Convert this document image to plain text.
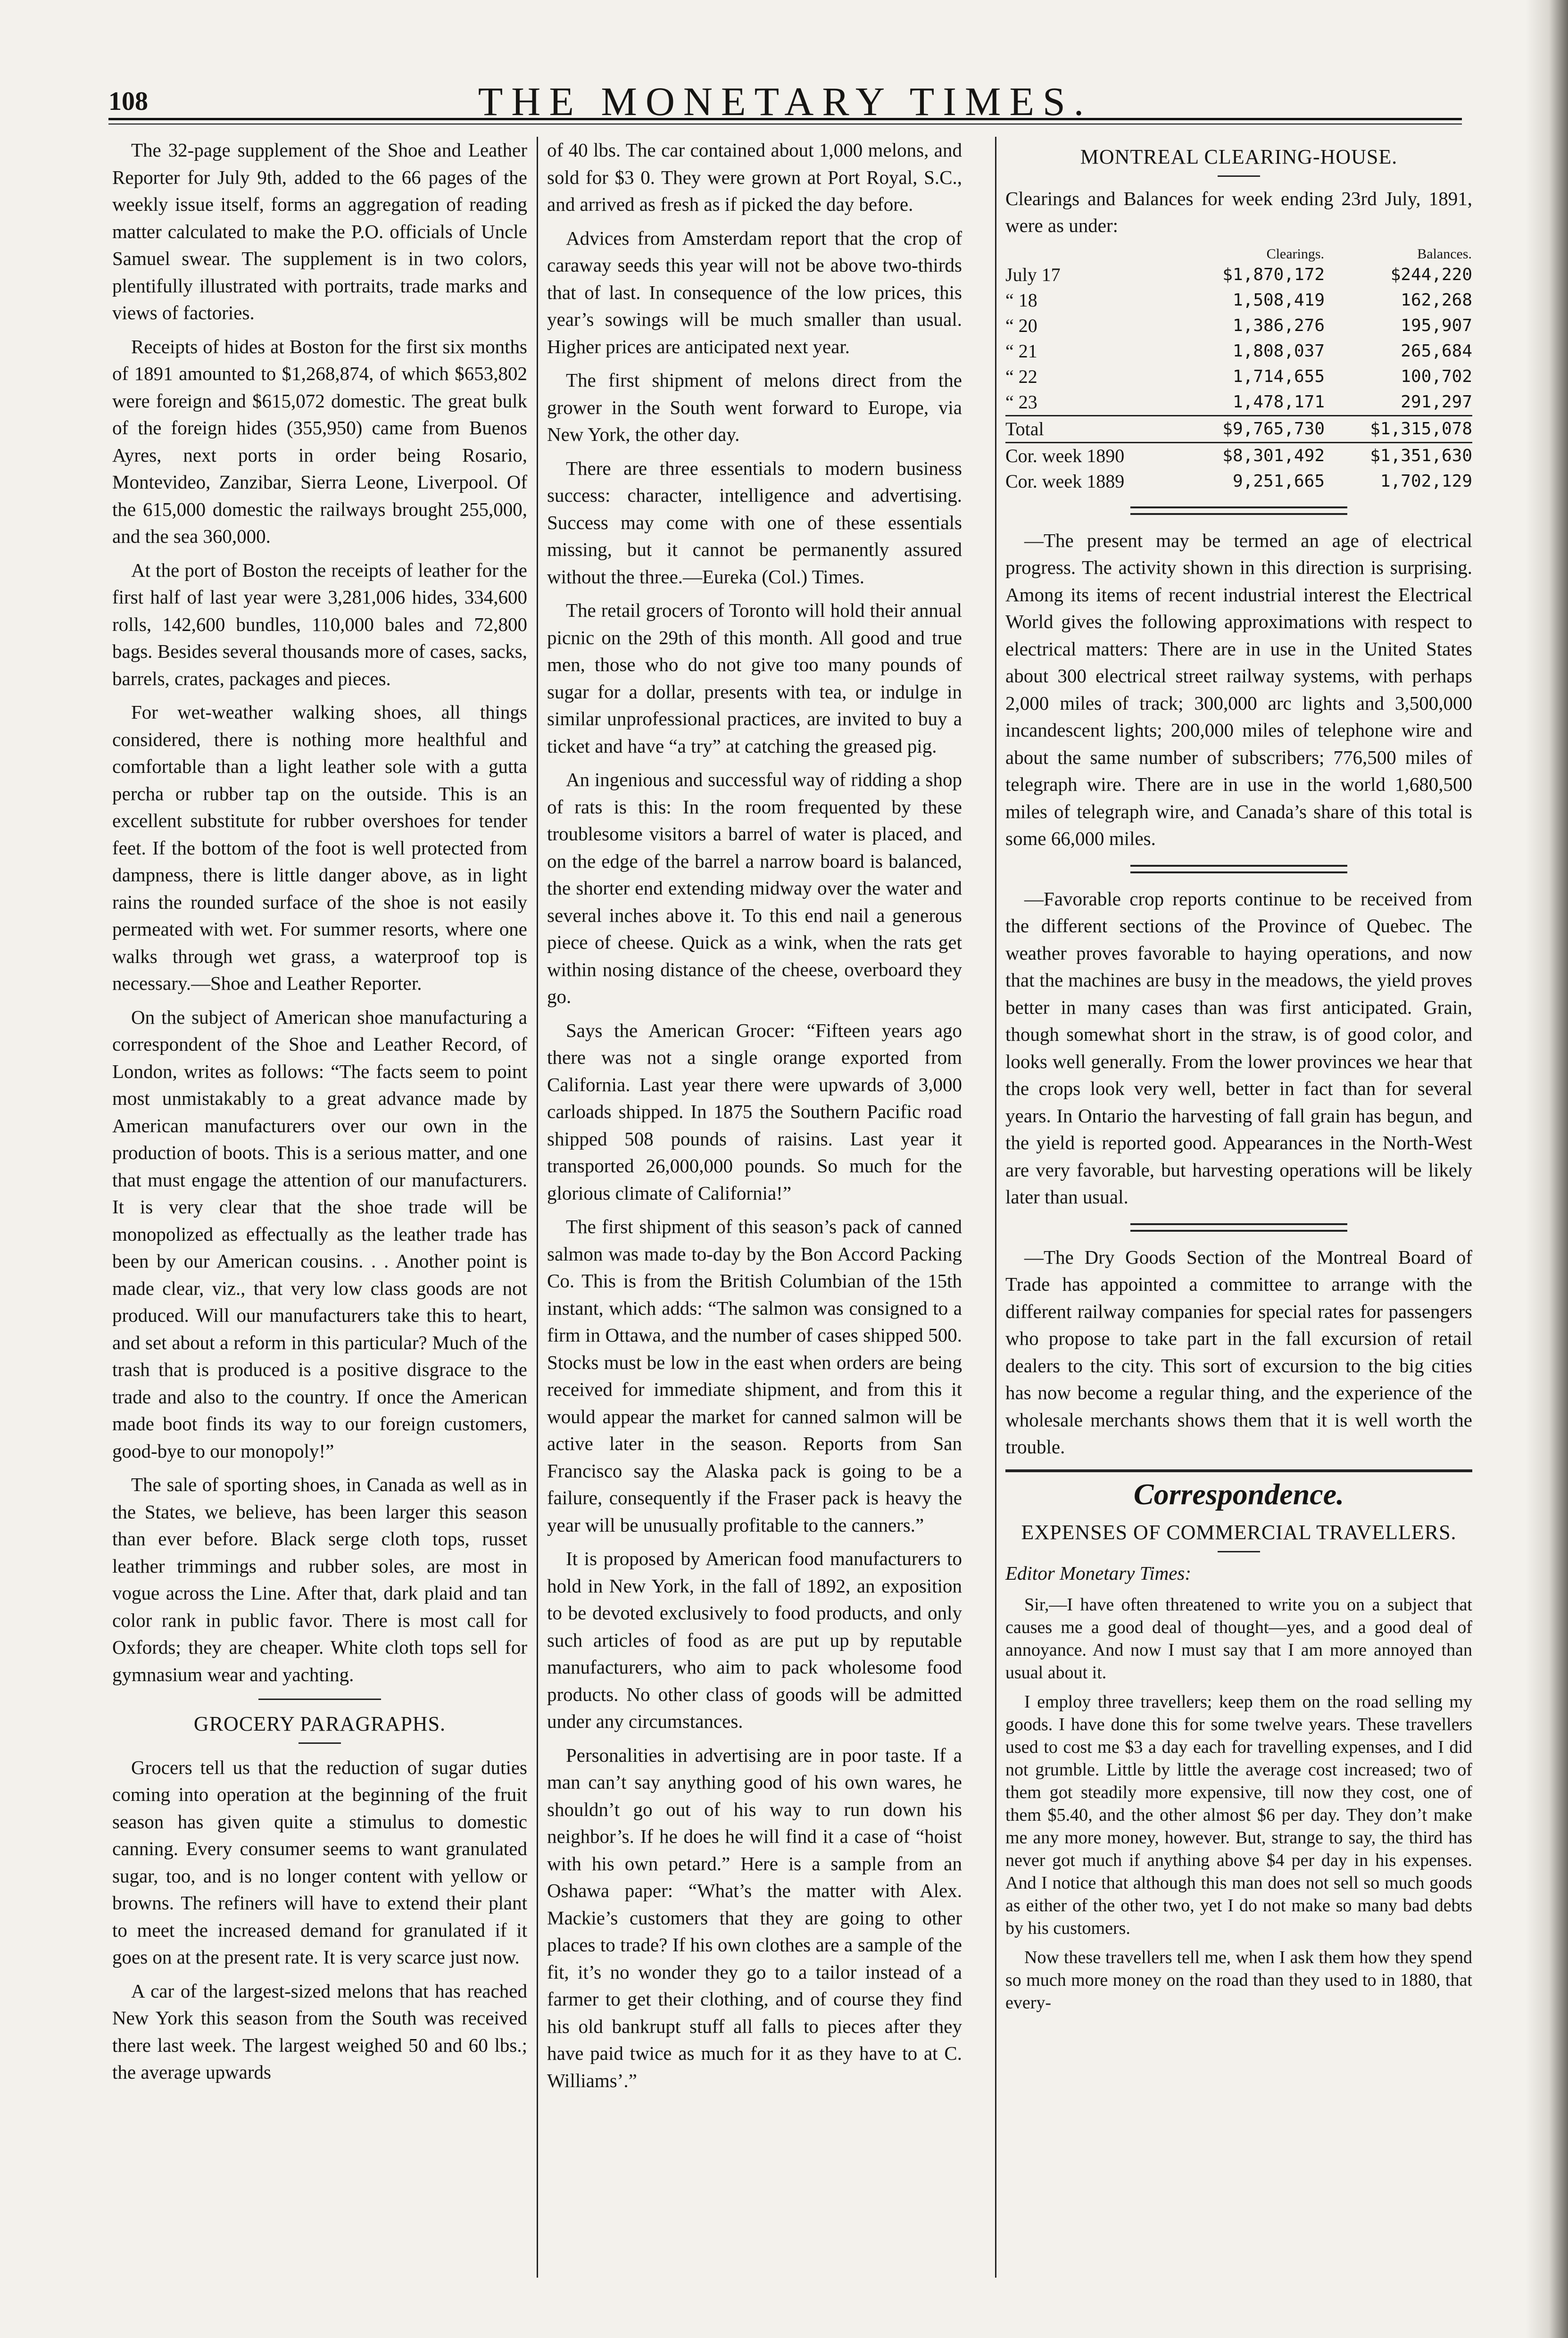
108	THE MONETARY TIMES.

The 32-page supplement of the Shoe and Leather Reporter for July 9th, added to the 66 pages of the weekly issue itself, forms an aggregation of reading matter calculated to make the P.O. officials of Uncle Samuel swear. The supplement is in two colors, plentifully illustrated with portraits, trade marks and views of factories.

Receipts of hides at Boston for the first six months of 1891 amounted to $1,268,874, of which $653,802 were foreign and $615,072 domestic. The great bulk of the foreign hides (355,950) came from Buenos Ayres, next ports in order being Rosario, Montevideo, Zanzibar, Sierra Leone, Liverpool. Of the 615,000 domestic the railways brought 255,000, and the sea 360,000.

At the port of Boston the receipts of leather for the first half of last year were 3,281,006 hides, 334,600 rolls, 142,600 bundles, 110,000 bales and 72,800 bags. Besides several thousands more of cases, sacks, barrels, crates, packages and pieces.

For wet-weather walking shoes, all things considered, there is nothing more healthful and comfortable than a light leather sole with a gutta percha or rubber tap on the outside. This is an excellent substitute for rubber overshoes for tender feet. If the bottom of the foot is well protected from dampness, there is little danger above, as in light rains the rounded surface of the shoe is not easily permeated with wet. For summer resorts, where one walks through wet grass, a waterproof top is necessary.—Shoe and Leather Reporter.

On the subject of American shoe manufacturing a correspondent of the Shoe and Leather Record, of London, writes as follows: “The facts seem to point most unmistakably to a great advance made by American manufacturers over our own in the production of boots. This is a serious matter, and one that must engage the attention of our manufacturers. It is very clear that the shoe trade will be monopolized as effectually as the leather trade has been by our American cousins. . . Another point is made clear, viz., that very low class goods are not produced. Will our manufacturers take this to heart, and set about a reform in this particular? Much of the trash that is produced is a positive disgrace to the trade and also to the country. If once the American made boot finds its way to our foreign customers, good-bye to our monopoly!”

The sale of sporting shoes, in Canada as well as in the States, we believe, has been larger this season than ever before. Black serge cloth tops, russet leather trimmings and rubber soles, are most in vogue across the Line. After that, dark plaid and tan color rank in public favor. There is most call for Oxfords; they are cheaper. White cloth tops sell for gymnasium wear and yachting.

GROCERY PARAGRAPHS.

Grocers tell us that the reduction of sugar duties coming into operation at the beginning of the fruit season has given quite a stimulus to domestic canning. Every consumer seems to want granulated sugar, too, and is no longer content with yellow or browns. The refiners will have to extend their plant to meet the increased demand for granulated if it goes on at the present rate. It is very scarce just now.

A car of the largest-sized melons that has reached New York this season from the South was received there last week. The largest weighed 50 and 60 lbs.; the average upwards

of 40 lbs. The car contained about 1,000 melons, and sold for $3 0. They were grown at Port Royal, S.C., and arrived as fresh as if picked the day before.

Advices from Amsterdam report that the crop of caraway seeds this year will not be above two-thirds that of last. In consequence of the low prices, this year’s sowings will be much smaller than usual. Higher prices are anticipated next year.

The first shipment of melons direct from the grower in the South went forward to Europe, via New York, the other day.

There are three essentials to modern business success: character, intelligence and advertising. Success may come with one of these essentials missing, but it cannot be permanently assured without the three.—Eureka (Col.) Times.

The retail grocers of Toronto will hold their annual picnic on the 29th of this month. All good and true men, those who do not give too many pounds of sugar for a dollar, presents with tea, or indulge in similar unprofessional practices, are invited to buy a ticket and have “a try” at catching the greased pig.

An ingenious and successful way of ridding a shop of rats is this: In the room frequented by these troublesome visitors a barrel of water is placed, and on the edge of the barrel a narrow board is balanced, the shorter end extending midway over the water and several inches above it. To this end nail a generous piece of cheese. Quick as a wink, when the rats get within nosing distance of the cheese, overboard they go.

Says the American Grocer: “Fifteen years ago there was not a single orange exported from California. Last year there were upwards of 3,000 carloads shipped. In 1875 the Southern Pacific road shipped 508 pounds of raisins. Last year it transported 26,000,000 pounds. So much for the glorious climate of California!”

The first shipment of this season’s pack of canned salmon was made to-day by the Bon Accord Packing Co. This is from the British Columbian of the 15th instant, which adds: “The salmon was consigned to a firm in Ottawa, and the number of cases shipped 500. Stocks must be low in the east when orders are being received for immediate shipment, and from this it would appear the market for canned salmon will be active later in the season. Reports from San Francisco say the Alaska pack is going to be a failure, consequently if the Fraser pack is heavy the year will be unusually profitable to the canners.”

It is proposed by American food manufacturers to hold in New York, in the fall of 1892, an exposition to be devoted exclusively to food products, and only such articles of food as are put up by reputable manufacturers, who aim to pack wholesome food products. No other class of goods will be admitted under any circumstances.

Personalities in advertising are in poor taste. If a man can’t say anything good of his own wares, he shouldn’t go out of his way to run down his neighbor’s. If he does he will find it a case of “hoist with his own petard.” Here is a sample from an Oshawa paper: “What’s the matter with Alex. Mackie’s customers that they are going to other places to trade? If his own clothes are a sample of the fit, it’s no wonder they go to a tailor instead of a farmer to get their clothing, and of course they find his old bankrupt stuff all falls to pieces after they have paid twice as much for it as they have to at C. Williams’.”

MONTREAL CLEARING-HOUSE.

Clearings and Balances for week ending 23rd July, 1891, were as under:

	Clearings.	Balances.
July 17	$1,870,172	$244,220
“ 18	1,508,419	162,268
“ 20	1,386,276	195,907
“ 21	1,808,037	265,684
“ 22	1,714,655	100,702
“ 23	1,478,171	291,297
Total	$9,765,730	$1,315,078
Cor. week 1890	$8,301,492	$1,351,630
Cor. week 1889	9,251,665	1,702,129

—The present may be termed an age of electrical progress. The activity shown in this direction is surprising. Among its items of recent industrial interest the Electrical World gives the following approximations with respect to electrical matters: There are in use in the United States about 300 electrical street railway systems, with perhaps 2,000 miles of track; 300,000 arc lights and 3,500,000 incandescent lights; 200,000 miles of telephone wire and about the same number of subscribers; 776,500 miles of telegraph wire. There are in use in the world 1,680,500 miles of telegraph wire, and Canada’s share of this total is some 66,000 miles.

—Favorable crop reports continue to be received from the different sections of the Province of Quebec. The weather proves favorable to haying operations, and now that the machines are busy in the meadows, the yield proves better in many cases than was first anticipated. Grain, though somewhat short in the straw, is of good color, and looks well generally. From the lower provinces we hear that the crops look very well, better in fact than for several years. In Ontario the harvesting of fall grain has begun, and the yield is reported good. Appearances in the North-West are very favorable, but harvesting operations will be likely later than usual.

—The Dry Goods Section of the Montreal Board of Trade has appointed a committee to arrange with the different railway companies for special rates for passengers who propose to take part in the fall excursion of retail dealers to the city. This sort of excursion to the big cities has now become a regular thing, and the experience of the wholesale merchants shows them that it is well worth the trouble.

Correspondence.
EXPENSES OF COMMERCIAL TRAVELLERS.

Editor Monetary Times:

Sir,—I have often threatened to write you on a subject that causes me a good deal of thought—yes, and a good deal of annoyance. And now I must say that I am more annoyed than usual about it.

I employ three travellers; keep them on the road selling my goods. I have done this for some twelve years. These travellers used to cost me $3 a day each for travelling expenses, and I did not grumble. Little by little the average cost increased; two of them got steadily more expensive, till now they cost, one of them $5.40, and the other almost $6 per day. They don’t make me any more money, however. But, strange to say, the third has never got much if anything above $4 per day in his expenses. And I notice that although this man does not sell so much goods as either of the other two, yet I do not make so many bad debts by his customers.

Now these travellers tell me, when I ask them how they spend so much more money on the road than they used to in 1880, that every-
